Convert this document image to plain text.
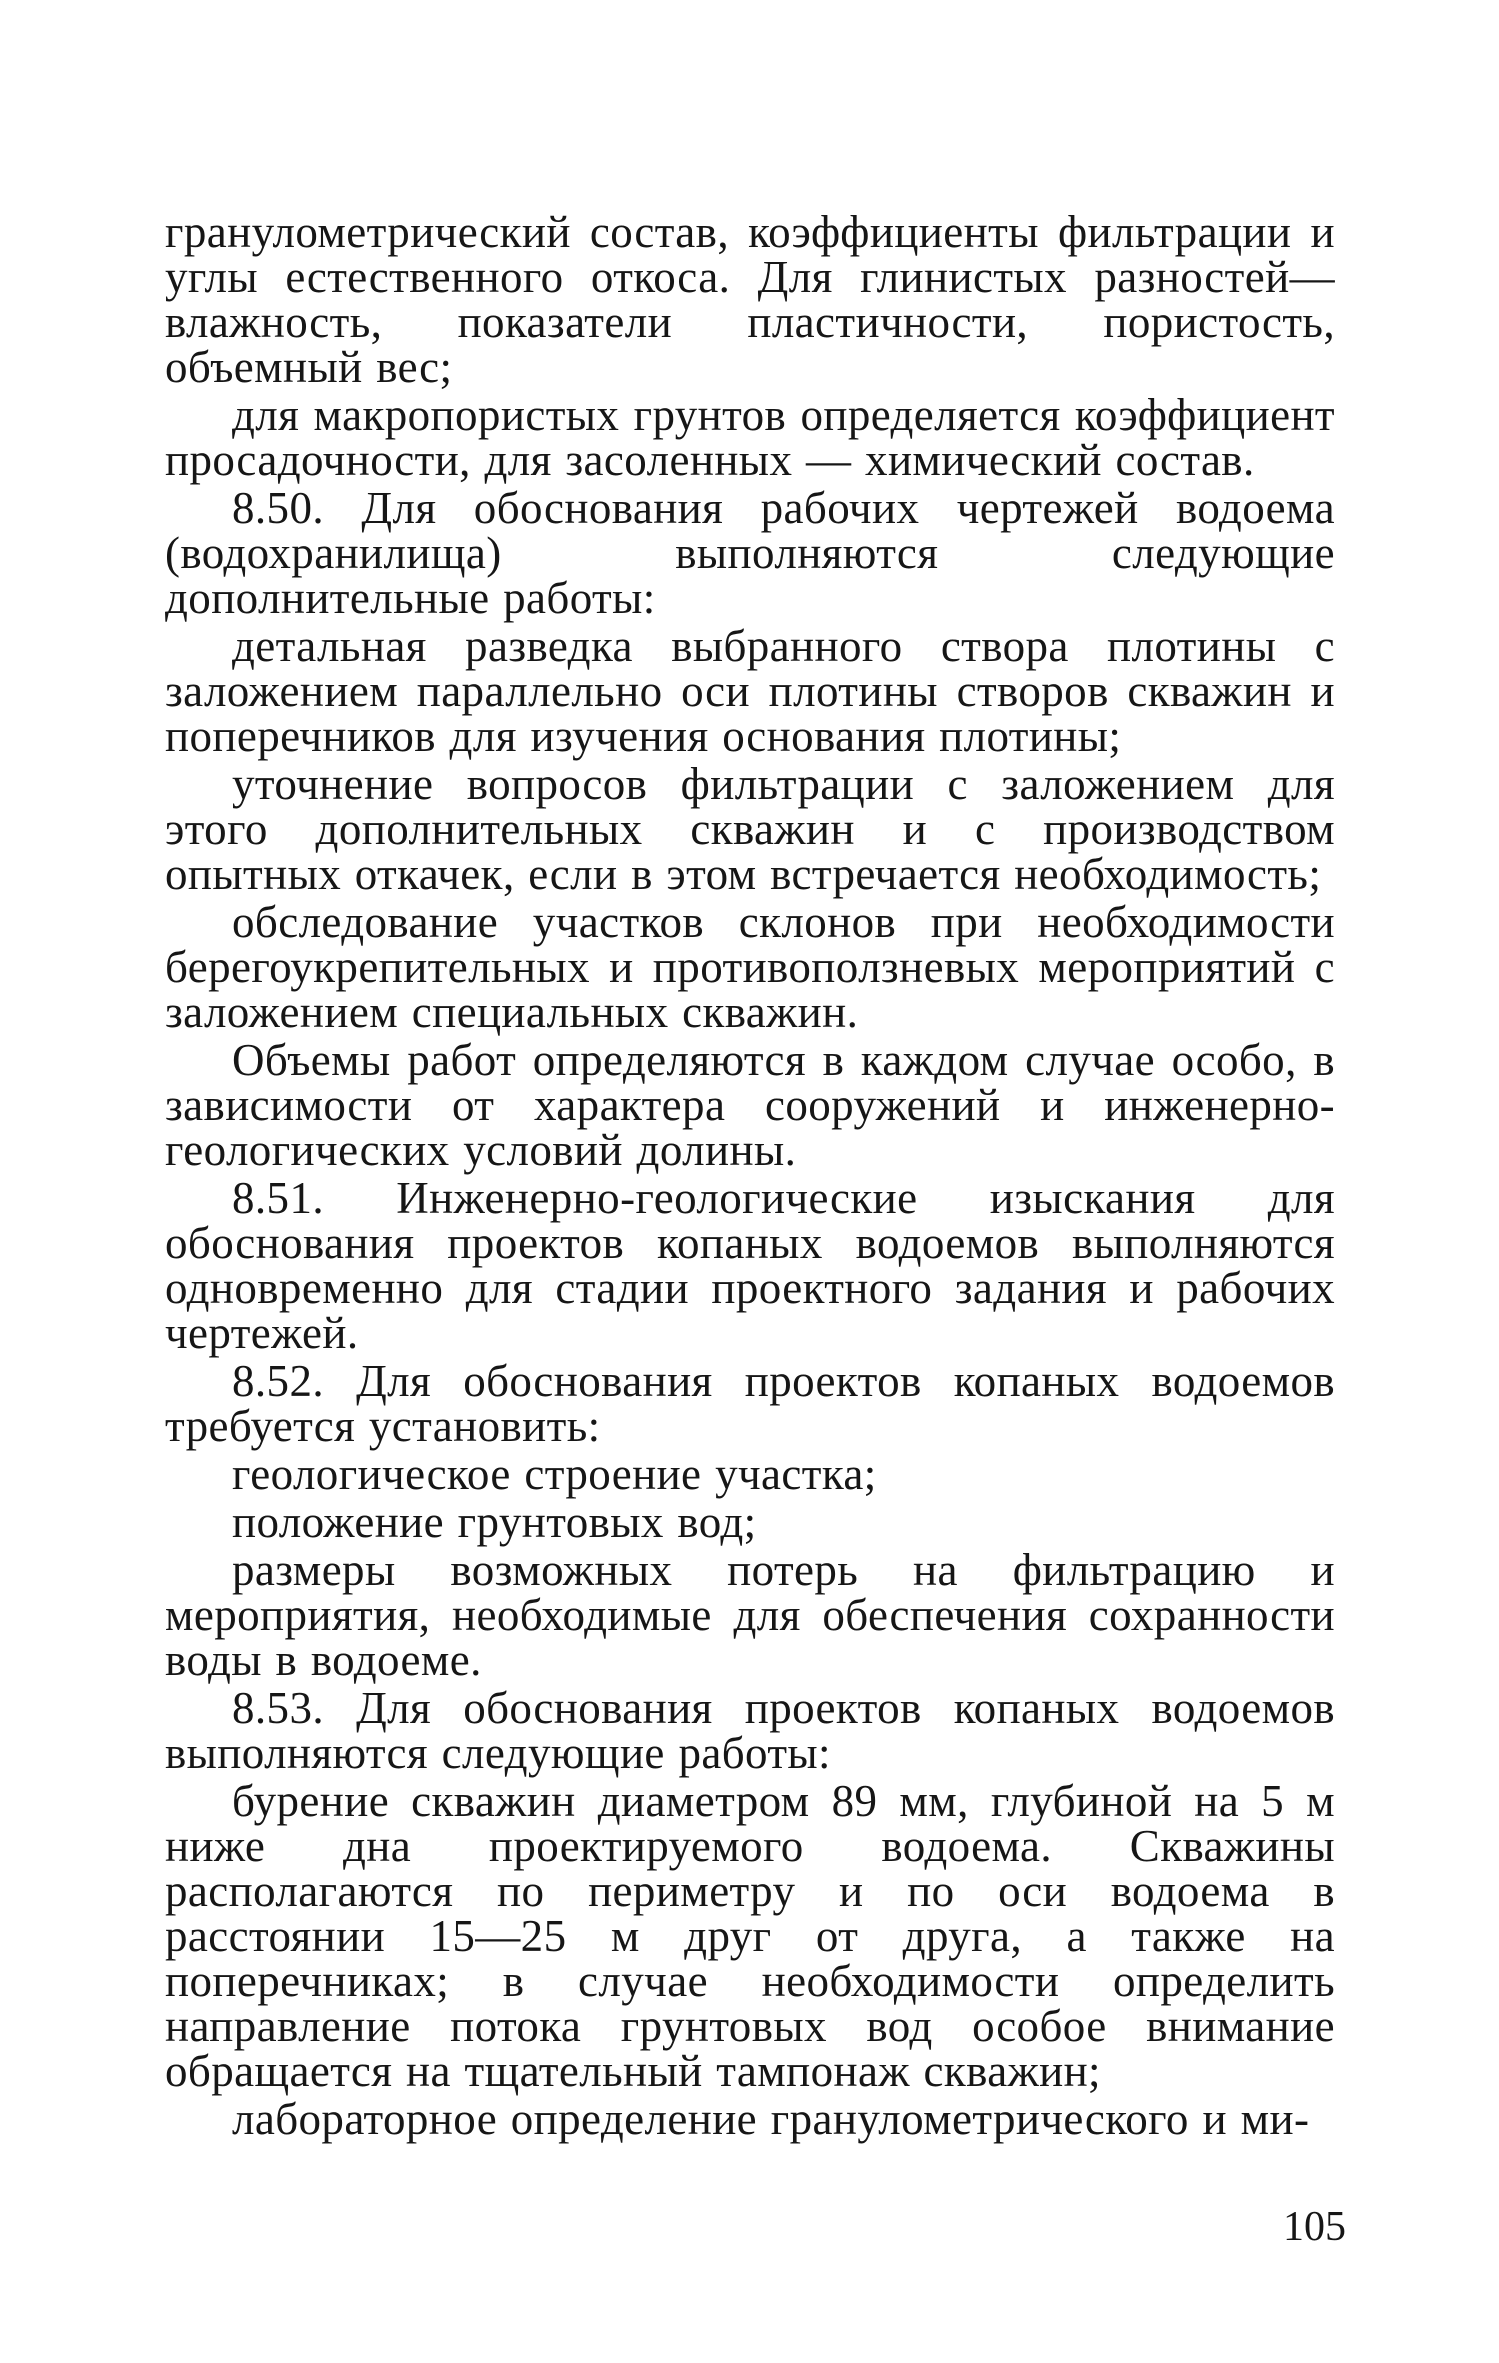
гранулометрический состав, коэффициенты фильтрации и углы естественного откоса. Для глинистых разностей— влажность, показатели пластичности, пористость, объемный вес;

для макропористых грунтов определяется коэффициент просадочности, для засоленных — химический состав.

8.50. Для обоснования рабочих чертежей водоема (водохранилища) выполняются следующие дополнительные работы:

детальная разведка выбранного створа плотины с заложением параллельно оси плотины створов скважин и поперечников для изучения основания плотины;

уточнение вопросов фильтрации с заложением для этого дополнительных скважин и с производством опытных откачек, если в этом встречается необходимость;

обследование участков склонов при необходимости берегоукрепительных и противоползневых мероприятий с заложением специальных скважин.

Объемы работ определяются в каждом случае особо, в зависимости от характера сооружений и инженерно-геологических условий долины.

8.51. Инженерно-геологические изыскания для обоснования проектов копаных водоемов выполняются одновременно для стадии проектного задания и рабочих чертежей.

8.52. Для обоснования проектов копаных водоемов требуется установить:

геологическое строение участка;

положение грунтовых вод;

размеры возможных потерь на фильтрацию и мероприятия, необходимые для обеспечения сохранности воды в водоеме.

8.53. Для обоснования проектов копаных водоемов выполняются следующие работы:

бурение скважин диаметром 89 мм, глубиной на 5 м ниже дна проектируемого водоема. Скважины располагаются по периметру и по оси водоема в расстоянии 15—25 м друг от друга, а также на поперечниках; в случае необходимости определить направление потока грунтовых вод особое внимание обращается на тщательный тампонаж скважин;

лабораторное определение гранулометрического и ми-

105
